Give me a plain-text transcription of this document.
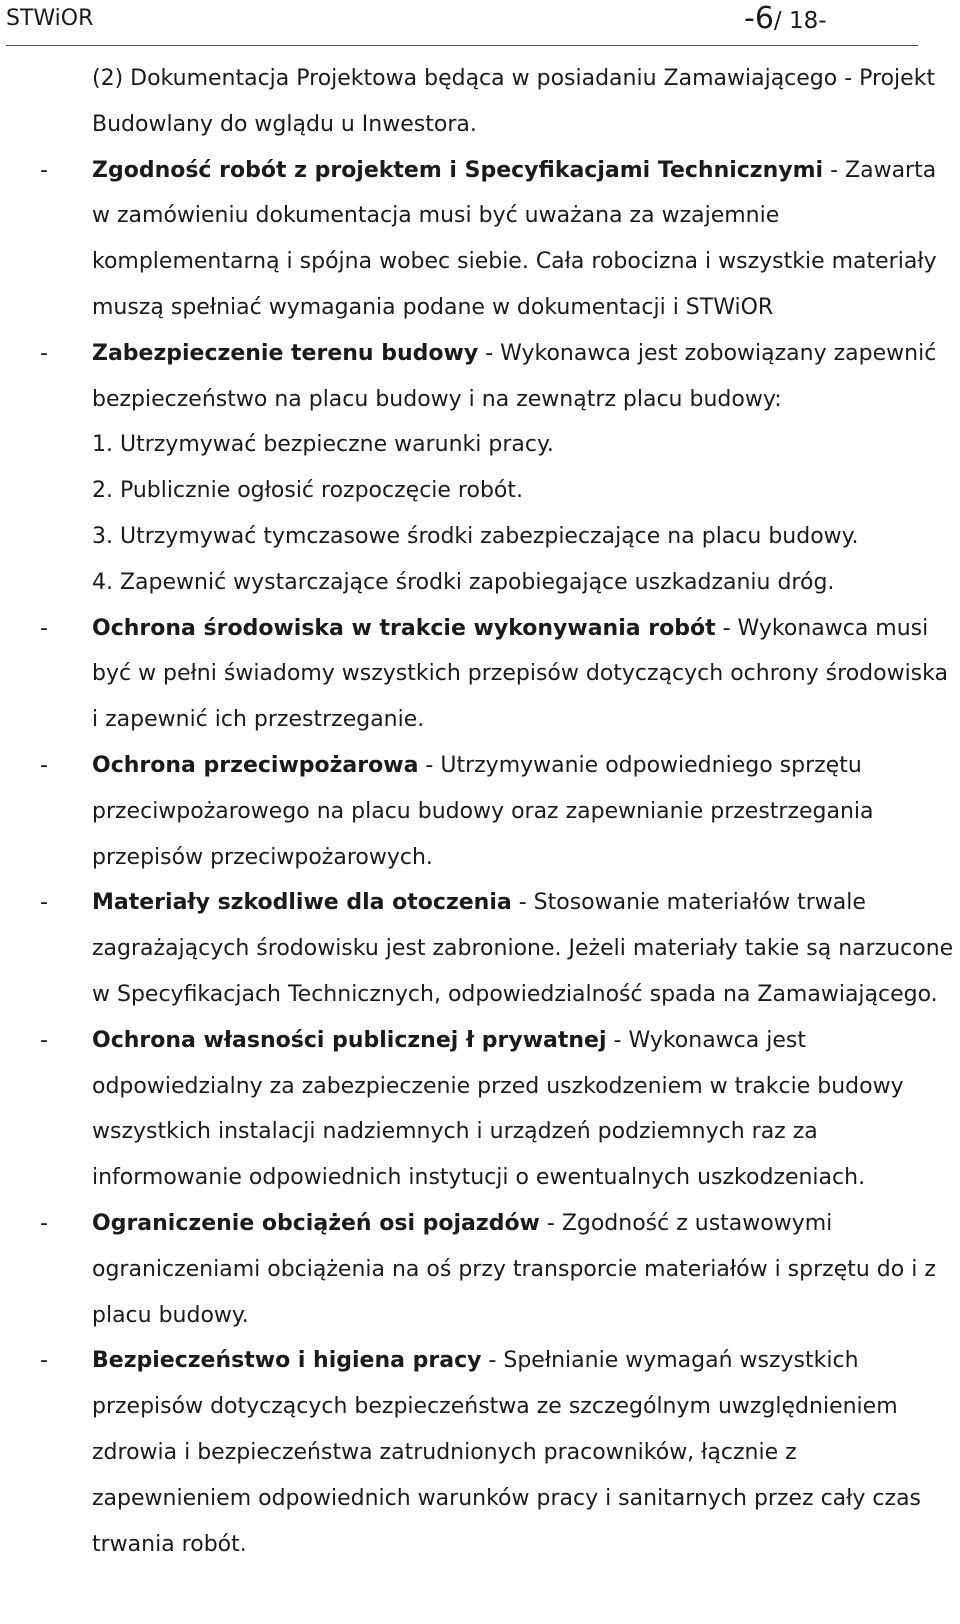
STWiOR	-6/ 18-
(2) Dokumentacja Projektowa będąca w posiadaniu Zamawiającego - Projekt Budowlany do wglądu u Inwestora.
- Zgodność robót z projektem i Specyfikacjami Technicznymi - Zawarta w zamówieniu dokumentacja musi być uważana za wzajemnie komplementarną i spójna wobec siebie. Cała robocizna i wszystkie materiały muszą spełniać wymagania podane w dokumentacji i STWiOR
- Zabezpieczenie terenu budowy - Wykonawca jest zobowiązany zapewnić bezpieczeństwo na placu budowy i na zewnątrz placu budowy:
1. Utrzymywać bezpieczne warunki pracy.
2. Publicznie ogłosić rozpoczęcie robót.
3. Utrzymywać tymczasowe środki zabezpieczające na placu budowy.
4. Zapewnić wystarczające środki zapobiegające uszkadzaniu dróg.
- Ochrona środowiska w trakcie wykonywania robót - Wykonawca musi być w pełni świadomy wszystkich przepisów dotyczących ochrony środowiska i zapewnić ich przestrzeganie.
- Ochrona przeciwpożarowa - Utrzymywanie odpowiedniego sprzętu przeciwpożarowego na placu budowy oraz zapewnianie przestrzegania przepisów przeciwpożarowych.
- Materiały szkodliwe dla otoczenia - Stosowanie materiałów trwale zagrażających środowisku jest zabronione. Jeżeli materiały takie są narzucone w Specyfikacjach Technicznych, odpowiedzialność spada na Zamawiającego.
- Ochrona własności publicznej ł prywatnej - Wykonawca jest odpowiedzialny za zabezpieczenie przed uszkodzeniem w trakcie budowy wszystkich instalacji nadziemnych i urządzeń podziemnych raz za informowanie odpowiednich instytucji o ewentualnych uszkodzeniach.
- Ograniczenie obciążeń osi pojazdów - Zgodność z ustawowymi ograniczeniami obciążenia na oś przy transporcie materiałów i sprzętu do i z placu budowy.
- Bezpieczeństwo i higiena pracy - Spełnianie wymagań wszystkich przepisów dotyczących bezpieczeństwa ze szczególnym uwzględnieniem zdrowia i bezpieczeństwa zatrudnionych pracowników, łącznie z zapewnieniem odpowiednich warunków pracy i sanitarnych przez cały czas trwania robót.
